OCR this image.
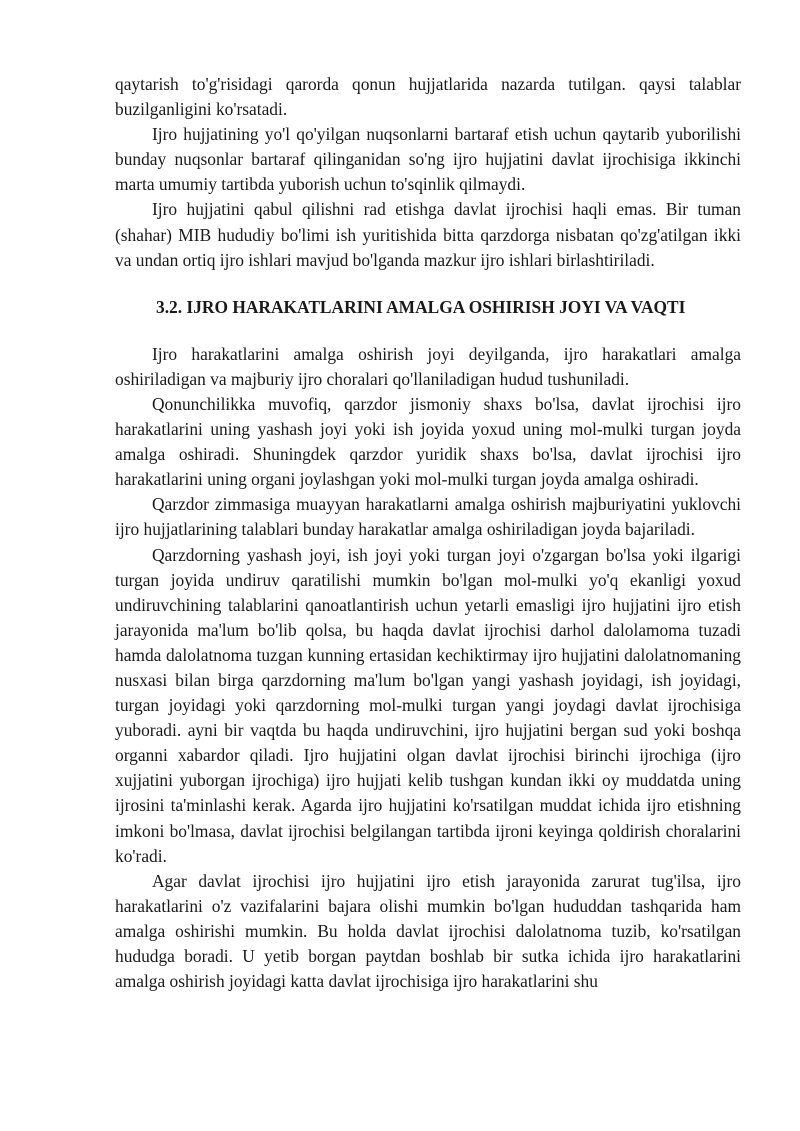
qaytarish to'g'risidagi qarorda qonun hujjatlarida nazarda tutilgan. qaysi talablar buzilganligini ko'rsatadi.

Ijro hujjatining yo'l qo'yilgan nuqsonlarni bartaraf etish uchun qaytarib yuborilishi bunday nuqsonlar bartaraf qilinganidan so'ng ijro hujjatini davlat ijrochisiga ikkinchi marta umumiy tartibda yuborish uchun to'sqinlik qilmaydi.

Ijro hujjatini qabul qilishni rad etishga davlat ijrochisi haqli emas. Bir tuman (shahar) MIB hududiy bo'limi ish yuritishida bitta qarzdorga nisbatan qo'zg'atilgan ikki va undan ortiq ijro ishlari mavjud bo'lganda mazkur ijro ishlari birlashtiriladi.

3.2. IJRO HARAKATLARINI AMALGA OSHIRISH JOYI VA VAQTI

Ijro harakatlarini amalga oshirish joyi deyilganda, ijro harakatlari amalga oshiriladigan va majburiy ijro choralari qo'llaniladigan hudud tushuniladi.

Qonunchilikka muvofiq, qarzdor jismoniy shaxs bo'lsa, davlat ijrochisi ijro harakatlarini uning yashash joyi yoki ish joyida yoxud uning mol-mulki turgan joyda amalga oshiradi. Shuningdek qarzdor yuridik shaxs bo'lsa, davlat ijrochisi ijro harakatlarini uning organi joylashgan yoki mol-mulki turgan joyda amalga oshiradi.

Qarzdor zimmasiga muayyan harakatlarni amalga oshirish majburiyatini yuklovchi ijro hujjatlarining talablari bunday harakatlar amalga oshiriladigan joyda bajariladi.

Qarzdorning yashash joyi, ish joyi yoki turgan joyi o'zgargan bo'lsa yoki ilgarigi turgan joyida undiruv qaratilishi mumkin bo'lgan mol-mulki yo'q ekanligi yoxud undiruvchining talablarini qanoatlantirish uchun yetarli emasligi ijro hujjatini ijro etish jarayonida ma'lum bo'lib qolsa, bu haqda davlat ijrochisi darhol dalolamoma tuzadi hamda dalolatnoma tuzgan kunning ertasidan kechiktirmay ijro hujjatini dalolatnomaning nusxasi bilan birga qarzdorning ma'lum bo'lgan yangi yashash joyidagi, ish joyidagi, turgan joyidagi yoki qarzdorning mol-mulki turgan yangi joydagi davlat ijrochisiga yuboradi. ayni bir vaqtda bu haqda undiruvchini, ijro hujjatini bergan sud yoki boshqa organni xabardor qiladi. Ijro hujjatini olgan davlat ijrochisi birinchi ijrochiga (ijro xujjatini yuborgan ijrochiga) ijro hujjati kelib tushgan kundan ikki oy muddatda uning ijrosini ta'minlashi kerak. Agarda ijro hujjatini ko'rsatilgan muddat ichida ijro etishning imkoni bo'lmasa, davlat ijrochisi belgilangan tartibda ijroni keyinga qoldirish choralarini ko'radi.

Agar davlat ijrochisi ijro hujjatini ijro etish jarayonida zarurat tug'ilsa, ijro harakatlarini o'z vazifalarini bajara olishi mumkin bo'lgan hududdan tashqarida ham amalga oshirishi mumkin. Bu holda davlat ijrochisi dalolatnoma tuzib, ko'rsatilgan hududga boradi. U yetib borgan paytdan boshlab bir sutka ichida ijro harakatlarini amalga oshirish joyidagi katta davlat ijrochisiga ijro harakatlarini shu
